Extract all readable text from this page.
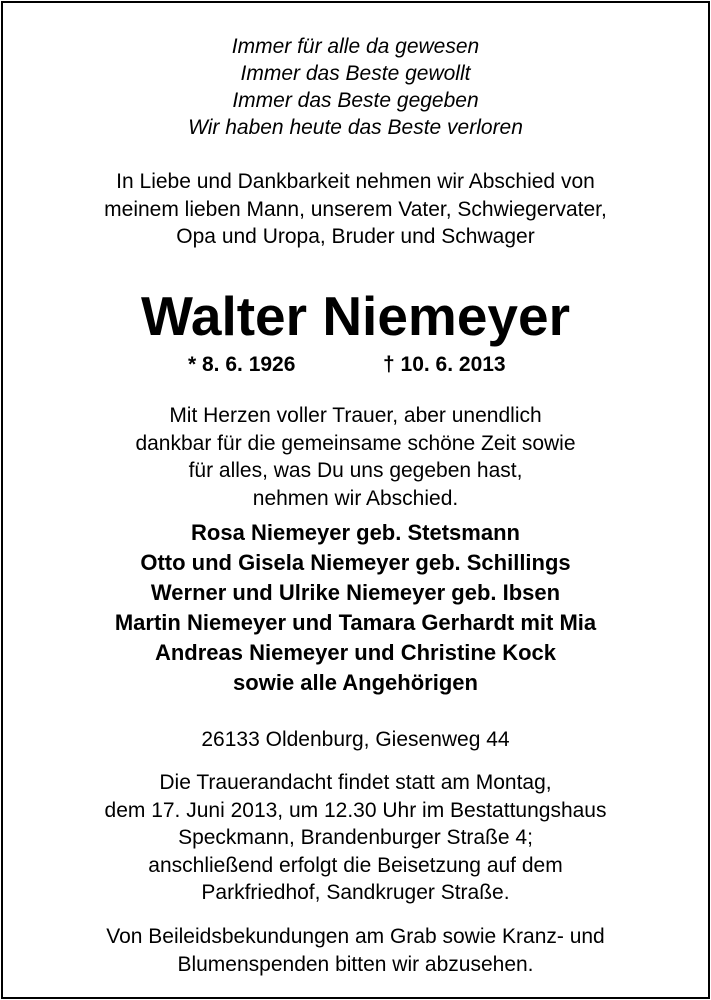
Immer für alle da gewesen
Immer das Beste gewollt
Immer das Beste gegeben
Wir haben heute das Beste verloren

In Liebe und Dankbarkeit nehmen wir Abschied von
meinem lieben Mann, unserem Vater, Schwiegervater,
Opa und Uropa, Bruder und Schwager

Walter Niemeyer
* 8. 6. 1926	† 10. 6. 2013

Mit Herzen voller Trauer, aber unendlich
dankbar für die gemeinsame schöne Zeit sowie
für alles, was Du uns gegeben hast,
nehmen wir Abschied.

Rosa Niemeyer geb. Stetsmann
Otto und Gisela Niemeyer geb. Schillings
Werner und Ulrike Niemeyer geb. Ibsen
Martin Niemeyer und Tamara Gerhardt mit Mia
Andreas Niemeyer und Christine Kock
sowie alle Angehörigen

26133 Oldenburg, Giesenweg 44

Die Trauerandacht findet statt am Montag,
dem 17. Juni 2013, um 12.30 Uhr im Bestattungshaus
Speckmann, Brandenburger Straße 4;
anschließend erfolgt die Beisetzung auf dem
Parkfriedhof, Sandkruger Straße.

Von Beileidsbekundungen am Grab sowie Kranz- und
Blumenspenden bitten wir abzusehen.
